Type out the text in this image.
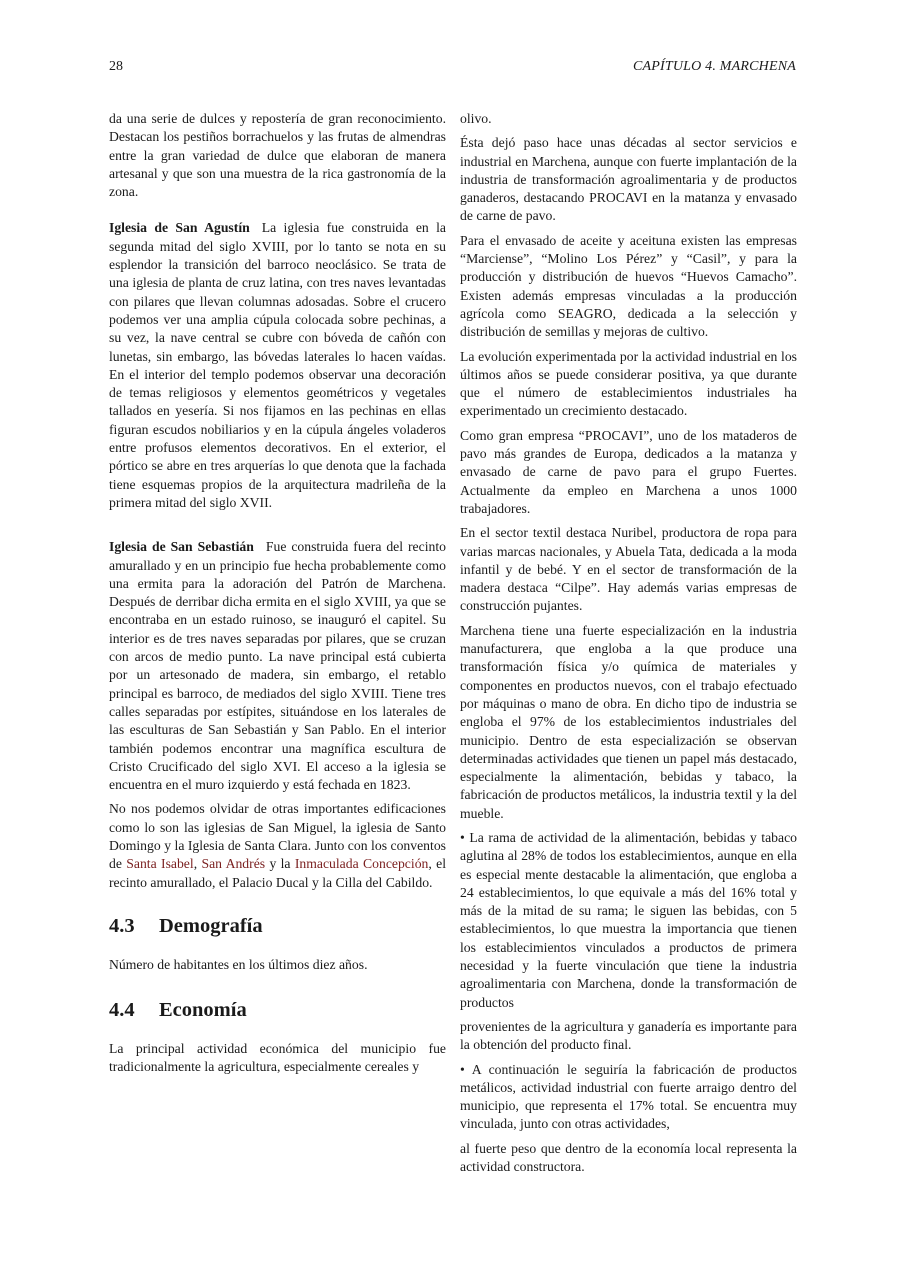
28	CAPÍTULO 4. MARCHENA

da una serie de dulces y repostería de gran reconocimiento. Destacan los pestiños borrachuelos y las frutas de almendras entre la gran variedad de dulce que elaboran de manera artesanal y que son una muestra de la rica gastronomía de la zona.

Iglesia de San Agustín La iglesia fue construida en la segunda mitad del siglo XVIII, por lo tanto se nota en su esplendor la transición del barroco neoclásico. Se trata de una iglesia de planta de cruz latina, con tres naves levantadas con pilares que llevan columnas adosadas. Sobre el crucero podemos ver una amplia cúpula colocada sobre pechinas, a su vez, la nave central se cubre con bóveda de cañón con lunetas, sin embargo, las bóvedas laterales lo hacen vaídas. En el interior del templo podemos observar una decoración de temas religiosos y elementos geométricos y vegetales tallados en yesería. Si nos fijamos en las pechinas en ellas figuran escudos nobiliarios y en la cúpula ángeles voladeros entre profusos elementos decorativos. En el exterior, el pórtico se abre en tres arquerías lo que denota que la fachada tiene esquemas propios de la arquitectura madrileña de la primera mitad del siglo XVII.

Iglesia de San Sebastián Fue construida fuera del recinto amurallado y en un principio fue hecha probablemente como una ermita para la adoración del Patrón de Marchena. Después de derribar dicha ermita en el siglo XVIII, ya que se encontraba en un estado ruinoso, se inauguró el capitel. Su interior es de tres naves separadas por pilares, que se cruzan con arcos de medio punto. La nave principal está cubierta por un artesonado de madera, sin embargo, el retablo principal es barroco, de mediados del siglo XVIII. Tiene tres calles separadas por estípites, situándose en los laterales de las esculturas de San Sebastián y San Pablo. En el interior también podemos encontrar una magnífica escultura de Cristo Crucificado del siglo XVI. El acceso a la iglesia se encuentra en el muro izquierdo y está fechada en 1823.

No nos podemos olvidar de otras importantes edificaciones como lo son las iglesias de San Miguel, la iglesia de Santo Domingo y la Iglesia de Santa Clara. Junto con los conventos de Santa Isabel, San Andrés y la Inmaculada Concepción, el recinto amurallado, el Palacio Ducal y la Cilla del Cabildo.

4.3 Demografía

Número de habitantes en los últimos diez años.

4.4 Economía

La principal actividad económica del municipio fue tradicionalmente la agricultura, especialmente cereales y

olivo.

Ésta dejó paso hace unas décadas al sector servicios e industrial en Marchena, aunque con fuerte implantación de la industria de transformación agroalimentaria y de productos ganaderos, destacando PROCAVI en la matanza y envasado de carne de pavo.

Para el envasado de aceite y aceituna existen las empresas “Marciense”, “Molino Los Pérez” y “Casil”, y para la producción y distribución de huevos “Huevos Camacho”. Existen además empresas vinculadas a la producción agrícola como SEAGRO, dedicada a la selección y distribución de semillas y mejoras de cultivo.

La evolución experimentada por la actividad industrial en los últimos años se puede considerar positiva, ya que durante que el número de establecimientos industriales ha experimentado un crecimiento destacado.

Como gran empresa “PROCAVI”, uno de los mataderos de pavo más grandes de Europa, dedicados a la matanza y envasado de carne de pavo para el grupo Fuertes. Actualmente da empleo en Marchena a unos 1000 trabajadores.

En el sector textil destaca Nuribel, productora de ropa para varias marcas nacionales, y Abuela Tata, dedicada a la moda infantil y de bebé. Y en el sector de transformación de la madera destaca “Cilpe”. Hay además varias empresas de construcción pujantes.

Marchena tiene una fuerte especialización en la industria manufacturera, que engloba a la que produce una transformación física y/o química de materiales y componentes en productos nuevos, con el trabajo efectuado por máquinas o mano de obra. En dicho tipo de industria se engloba el 97% de los establecimientos industriales del municipio. Dentro de esta especialización se observan determinadas actividades que tienen un papel más destacado, especialmente la alimentación, bebidas y tabaco, la fabricación de productos metálicos, la industria textil y la del mueble.

• La rama de actividad de la alimentación, bebidas y tabaco aglutina al 28% de todos los establecimientos, aunque en ella es especial mente destacable la alimentación, que engloba a 24 establecimientos, lo que equivale a más del 16% total y más de la mitad de su rama; le siguen las bebidas, con 5 establecimientos, lo que muestra la importancia que tienen los establecimientos vinculados a productos de primera necesidad y la fuerte vinculación que tiene la industria agroalimentaria con Marchena, donde la transformación de productos

provenientes de la agricultura y ganadería es importante para la obtención del producto final.

• A continuación le seguiría la fabricación de productos metálicos, actividad industrial con fuerte arraigo dentro del municipio, que representa el 17% total. Se encuentra muy vinculada, junto con otras actividades,

al fuerte peso que dentro de la economía local representa la actividad constructora.
